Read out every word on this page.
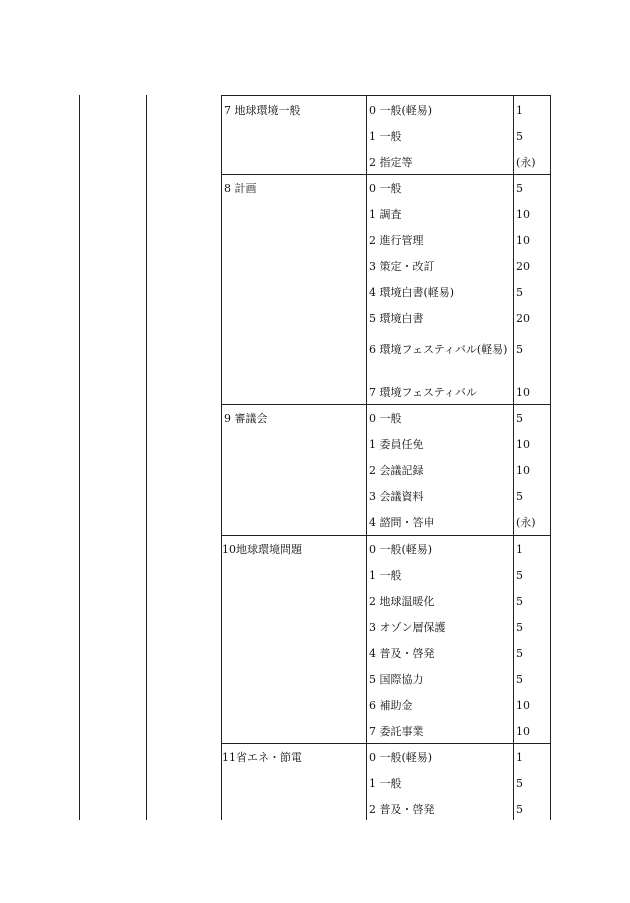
7 地球環境一般	0 一般(軽易)	1
1 一般	5
2 指定等	(永)
8 計画	0 一般	5
1 調査	10
2 進行管理	10
3 策定・改訂	20
4 環境白書(軽易)	5
5 環境白書	20
6 環境フェスティバル(軽易) 5
7 環境フェスティバル	10
9 審議会	0 一般	5
1 委員任免	10
2 会議記録	10
3 会議資料	5
4 諮問・答申	(永)
10地球環境問題	0 一般(軽易)	1
1 一般	5
2 地球温暖化	5
3 オゾン層保護	5
4 普及・啓発	5
5 国際協力	5
6 補助金	10
7 委託事業	10
11省エネ・節電	0 一般(軽易)	1
1 一般	5
2 普及・啓発	5
